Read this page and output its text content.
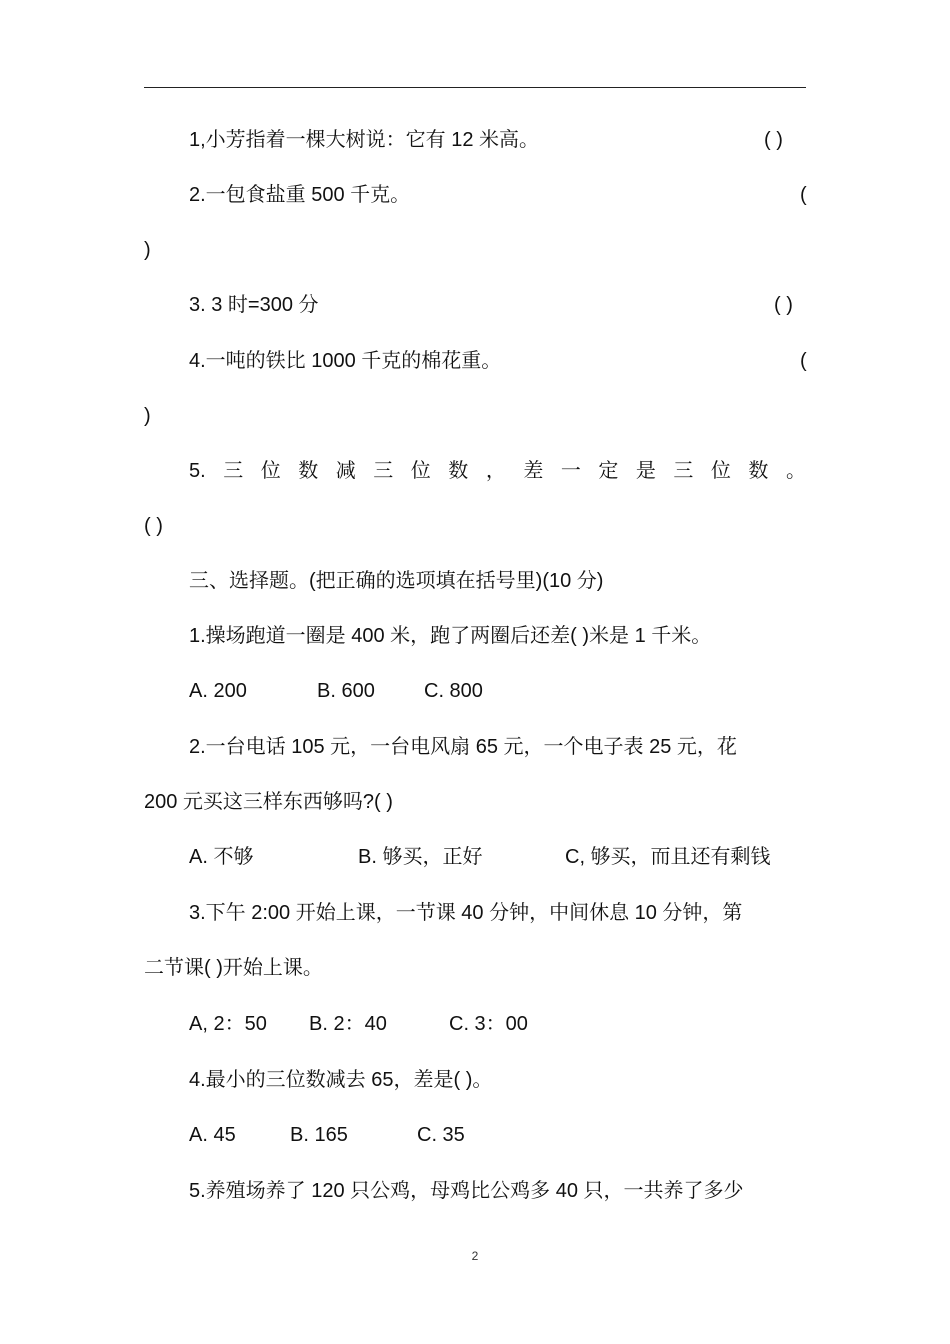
1,小芳指着一棵大树说：它有 12 米高。	( )
2.一包食盐重 500 千克。	(
)
3. 3 时=300 分	( )
4.一吨的铁比 1000 千克的棉花重。	(
)
5. 三 位 数 减 三 位 数 ， 差 一 定 是 三 位 数 。
( )
三、选择题。(把正确的选项填在括号里)(10 分)
1.操场跑道一圈是 400 米，跑了两圈后还差( )米是 1 千米。
A. 200	B. 600 C. 800
2.一台电话 105 元，一台电风扇 65 元，一个电子表 25 元，花
200 元买这三样东西够吗?( )
A. 不够	B. 够买，正好	C, 够买，而且还有剩钱
3.下午 2:00 开始上课，一节课 40 分钟，中间休息 10 分钟，第
二节课( )开始上课。
A, 2：50 B. 2：40	C. 3：00
4.最小的三位数减去 65，差是( )。
A. 45	B. 165	C. 35
5.养殖场养了 120 只公鸡，母鸡比公鸡多 40 只，一共养了多少
2
